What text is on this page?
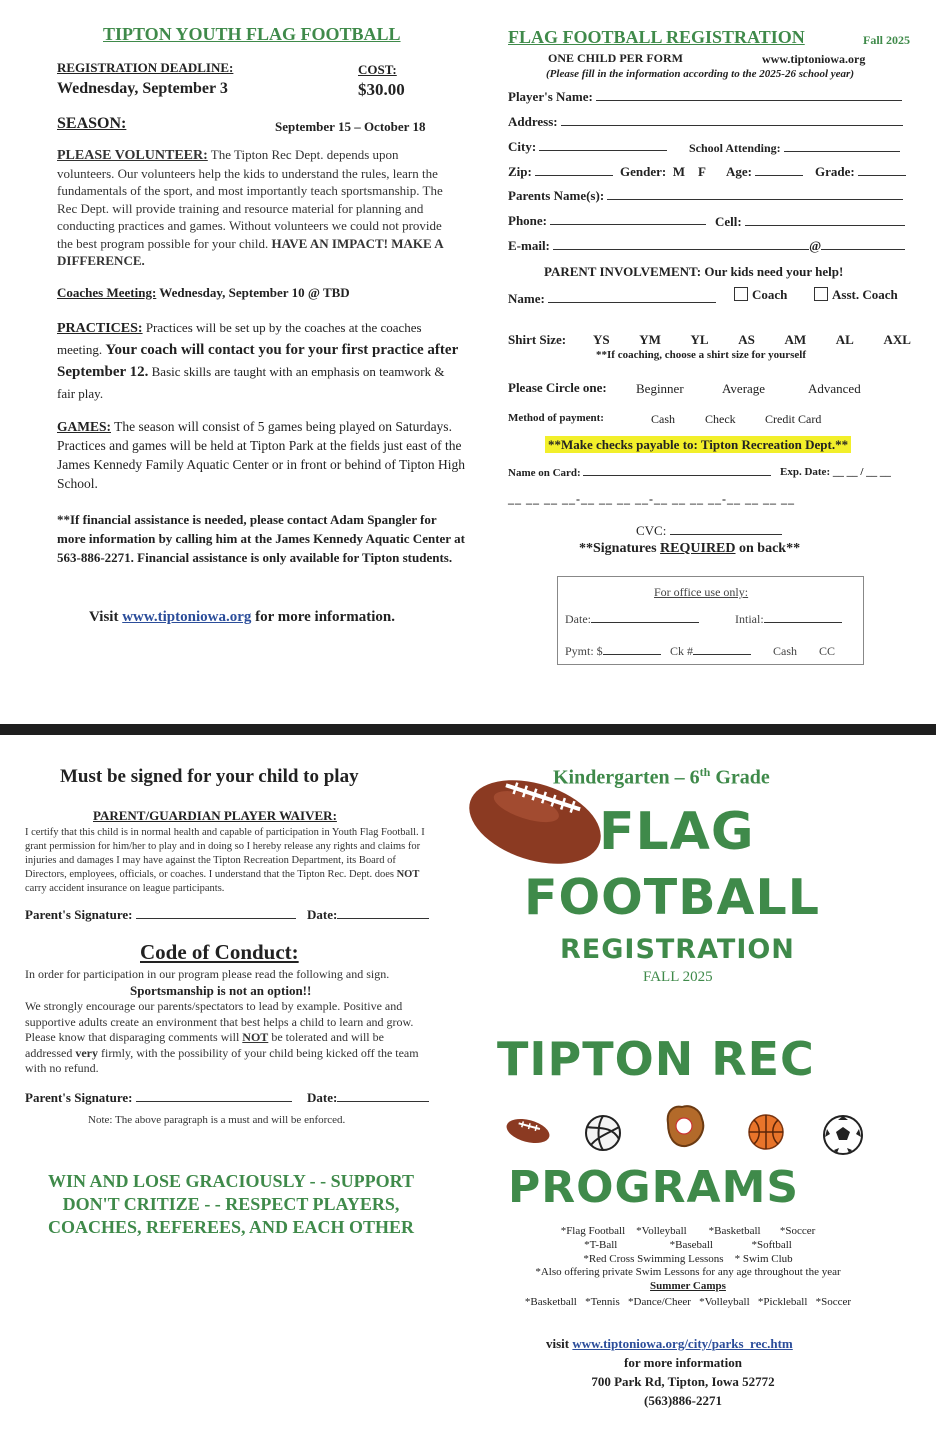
TIPTON YOUTH FLAG FOOTBALL
REGISTRATION DEADLINE:	COST:
Wednesday, September 3	$30.00
SEASON:	September 15 – October 18
PLEASE VOLUNTEER: The Tipton Rec Dept. depends upon volunteers. Our volunteers help the kids to understand the rules, learn the fundamentals of the sport, and most importantly teach sportsmanship. The Rec Dept. will provide training and resource material for planning and conducting practices and games. Without volunteers we could not provide the best program possible for your child. HAVE AN IMPACT! MAKE A DIFFERENCE.
Coaches Meeting: Wednesday, September 10 @ TBD
PRACTICES: Practices will be set up by the coaches at the coaches meeting. Your coach will contact you for your first practice after September 12. Basic skills are taught with an emphasis on teamwork & fair play.
GAMES: The season will consist of 5 games being played on Saturdays. Practices and games will be held at Tipton Park at the fields just east of the James Kennedy Family Aquatic Center or in front or behind of Tipton High School.
**If financial assistance is needed, please contact Adam Spangler for more information by calling him at the James Kennedy Aquatic Center at 563-886-2271. Financial assistance is only available for Tipton students.
Visit www.tiptoniowa.org for more information.
FLAG FOOTBALL REGISTRATION	Fall 2025
ONE CHILD PER FORM	www.tiptoniowa.org
(Please fill in the information according to the 2025-26 school year)
Player's Name:
Address:
City:	School Attending:
Zip:	Gender:  M    F Age:	Grade:
Parents Name(s):
Phone:	Cell:
E-mail:	@
PARENT INVOLVEMENT: Our kids need your help!
Name:	Coach	Asst. Coach
Shirt Size: YS YM YL AS AM AL AXL
**If coaching, choose a shirt size for yourself
Please Circle one: Beginner	Average	Advanced
Method of payment:	Cash	Check Credit Card
**Make checks payable to: Tipton Recreation Dept.**
Name on Card:	Exp. Date: __ __ / __ __
__ __ __ __-__ __ __ __-__ __ __ __-__ __ __ __
CVC:
**Signatures REQUIRED on back**
For office use only:
Date:	Intial:
Pymt: $	Ck #	Cash CC
Must be signed for your child to play
PARENT/GUARDIAN PLAYER WAIVER:
I certify that this child is in normal health and capable of participation in Youth Flag Football. I grant permission for him/her to play and in doing so I hereby release any rights and claims for injuries and damages I may have against the Tipton Recreation Department, its Board of Directors, employees, officials, or coaches. I understand that the Tipton Rec. Dept. does NOT carry accident insurance on league participants.
Parent's Signature:	Date:
Code of Conduct:
In order for participation in our program please read the following and sign.
Sportsmanship is not an option!!
We strongly encourage our parents/spectators to lead by example. Positive and supportive adults create an environment that best helps a child to learn and grow. Please know that disparaging comments will NOT be tolerated and will be addressed very firmly, with the possibility of your child being kicked off the team with no refund.
Parent's Signature:	Date:
Note: The above paragraph is a must and will be enforced.
WIN AND LOSE GRACIOUSLY - - SUPPORT DON'T CRITIZE - - RESPECT PLAYERS, COACHES, REFEREES, AND EACH OTHER
Kindergarten – 6th Grade
FLAG
FOOTBALL
REGISTRATION
FALL 2025
TIPTON REC
PROGRAMS
*Flag Football    *Volleyball        *Basketball       *Soccer
*T-Ball                   *Baseball              *Softball
*Red Cross Swimming Lessons    * Swim Club
*Also offering private Swim Lessons for any age throughout the year
Summer Camps
*Basketball   *Tennis   *Dance/Cheer   *Volleyball   *Pickleball   *Soccer
visit www.tiptoniowa.org/city/parks_rec.htm
for more information
700 Park Rd, Tipton, Iowa 52772
(563)886-2271
